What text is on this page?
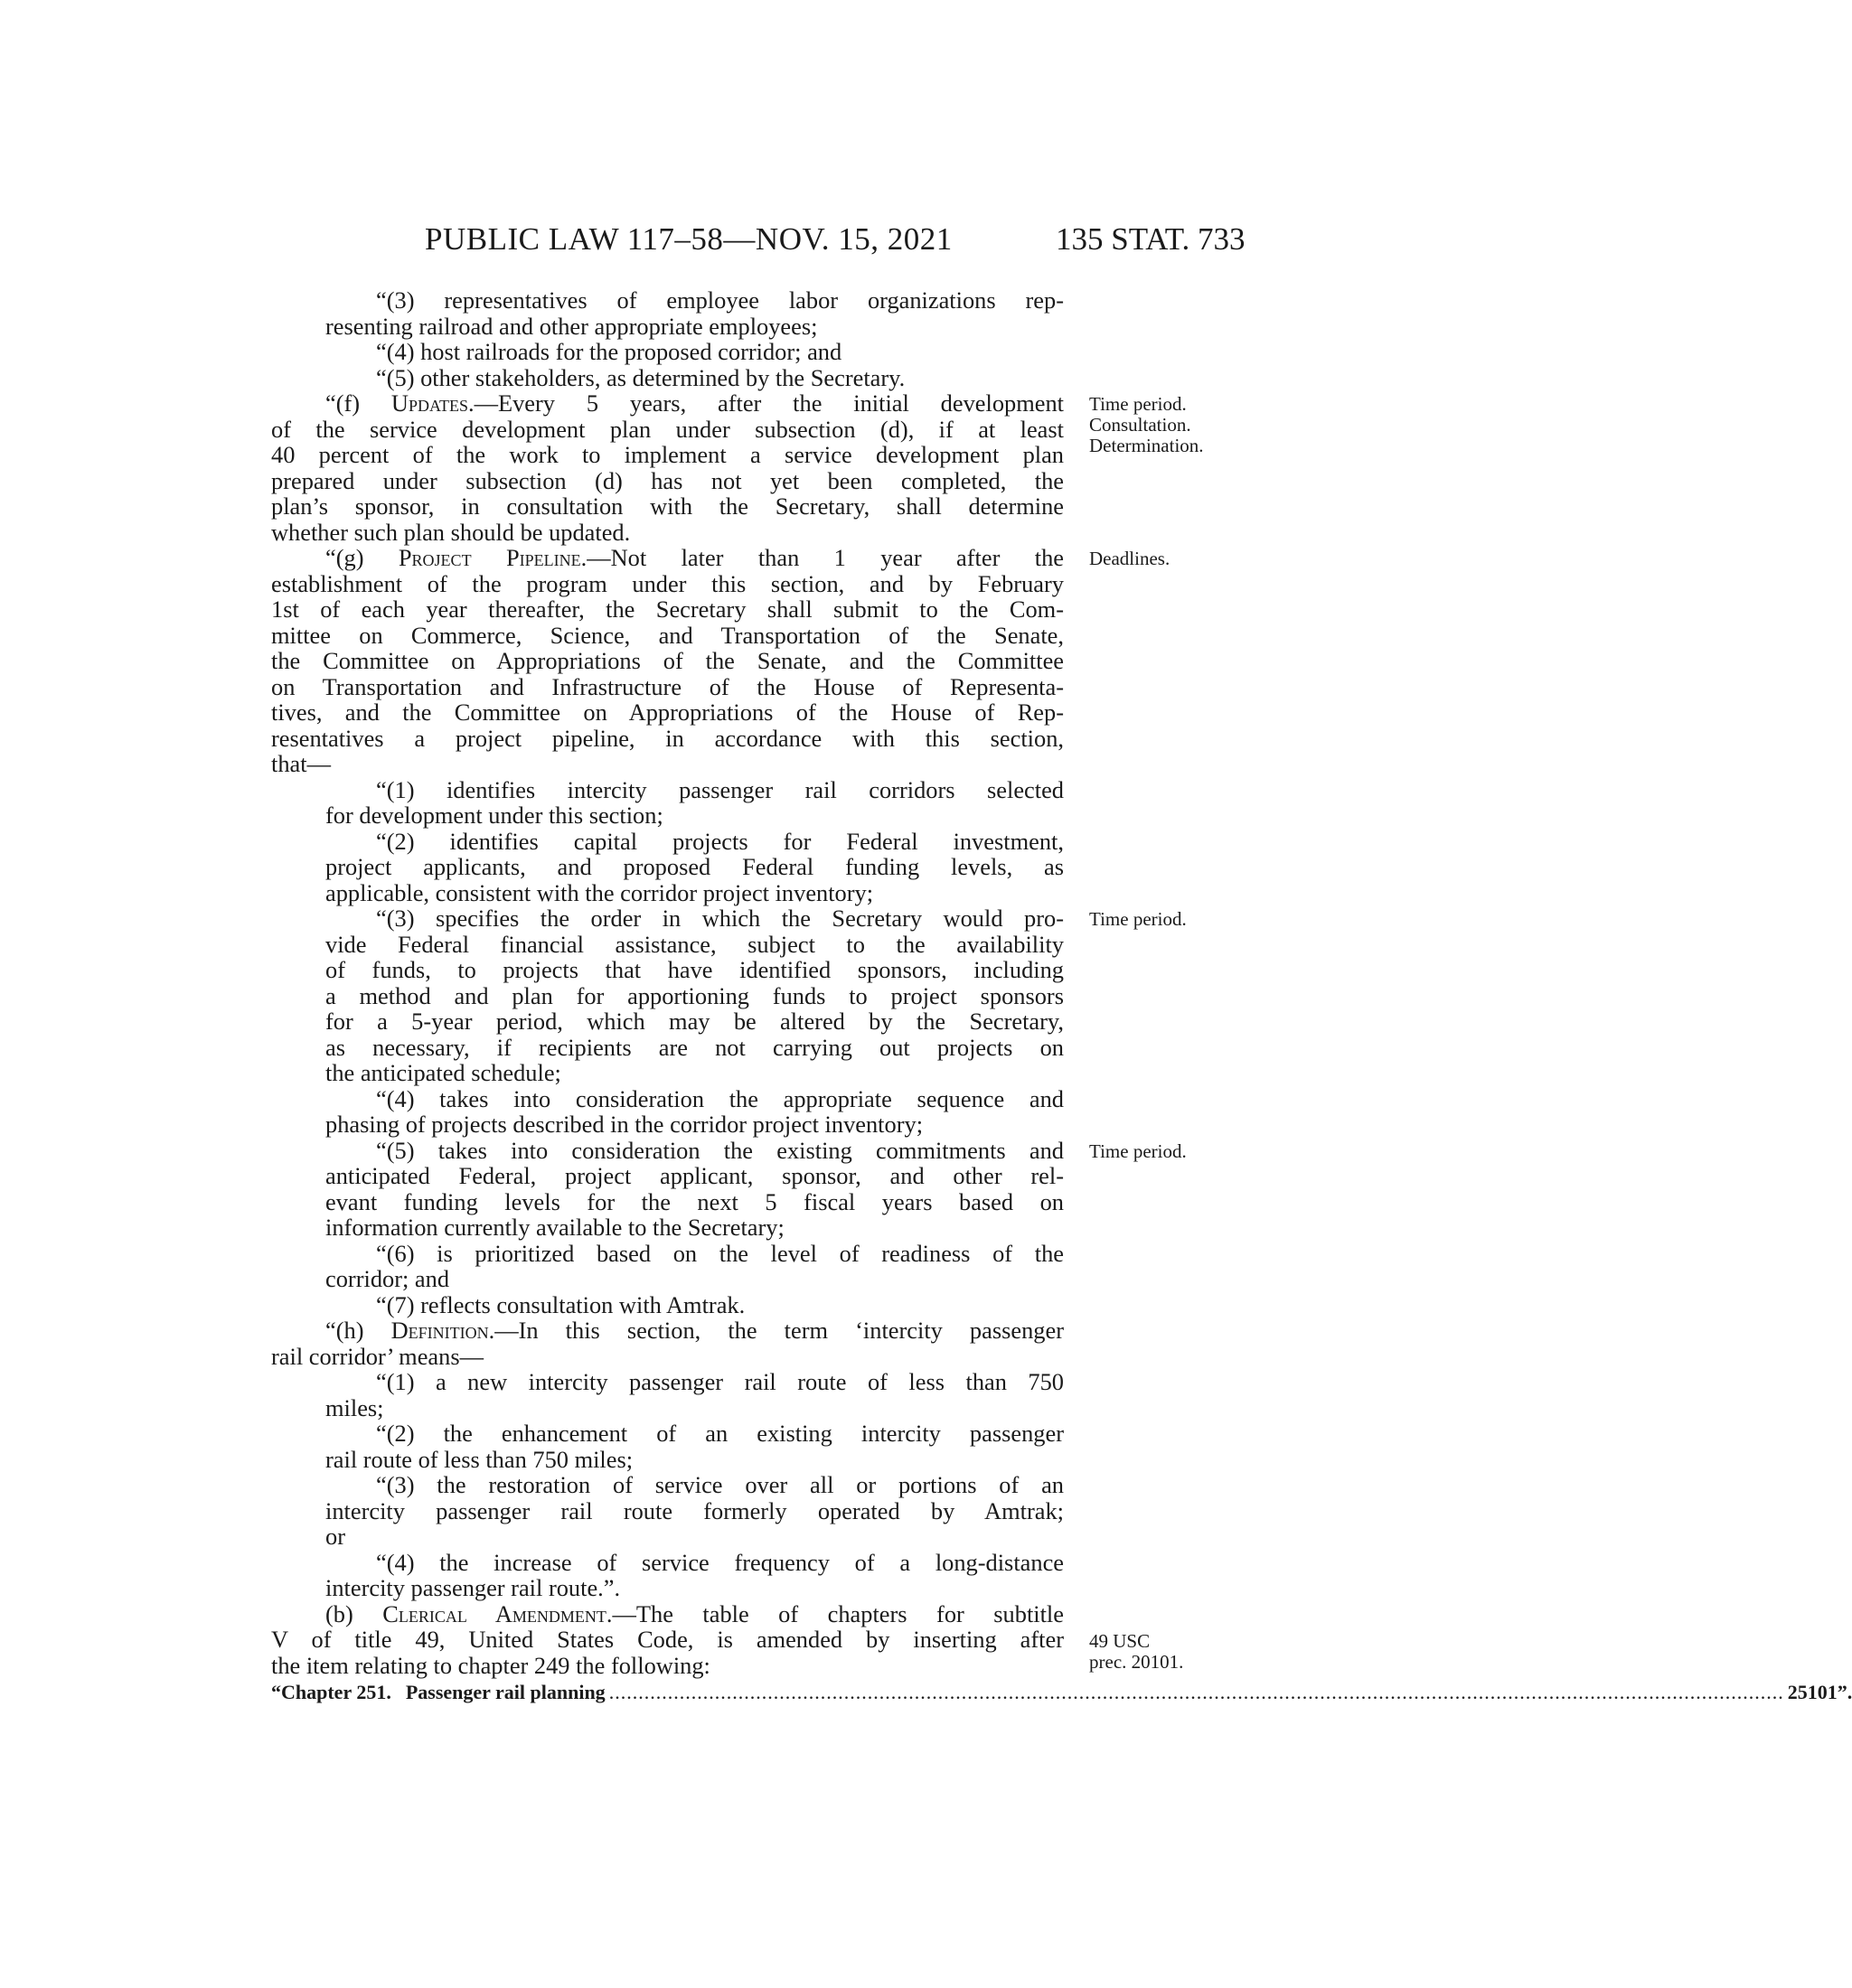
PUBLIC LAW 117–58—NOV. 15, 2021	135 STAT. 733

“(3) representatives of employee labor organizations rep-

resenting railroad and other appropriate employees;

“(4) host railroads for the proposed corridor; and

“(5) other stakeholders, as determined by the Secretary.

“(f) Updates.—Every 5 years, after the initial development

of the service development plan under subsection (d), if at least

40 percent of the work to implement a service development plan

prepared under subsection (d) has not yet been completed, the

plan’s sponsor, in consultation with the Secretary, shall determine

whether such plan should be updated.

“(g) Project Pipeline.—Not later than 1 year after the

establishment of the program under this section, and by February

1st of each year thereafter, the Secretary shall submit to the Com-

mittee on Commerce, Science, and Transportation of the Senate,

the Committee on Appropriations of the Senate, and the Committee

on Transportation and Infrastructure of the House of Representa-

tives, and the Committee on Appropriations of the House of Rep-

resentatives a project pipeline, in accordance with this section,

that—

“(1) identifies intercity passenger rail corridors selected

for development under this section;

“(2) identifies capital projects for Federal investment,

project applicants, and proposed Federal funding levels, as

applicable, consistent with the corridor project inventory;

“(3) specifies the order in which the Secretary would pro-

vide Federal financial assistance, subject to the availability

of funds, to projects that have identified sponsors, including

a method and plan for apportioning funds to project sponsors

for a 5-year period, which may be altered by the Secretary,

as necessary, if recipients are not carrying out projects on

the anticipated schedule;

“(4) takes into consideration the appropriate sequence and

phasing of projects described in the corridor project inventory;

“(5) takes into consideration the existing commitments and

anticipated Federal, project applicant, sponsor, and other rel-

evant funding levels for the next 5 fiscal years based on

information currently available to the Secretary;

“(6) is prioritized based on the level of readiness of the

corridor; and

“(7) reflects consultation with Amtrak.

“(h) Definition.—In this section, the term ‘intercity passenger

rail corridor’ means—

“(1) a new intercity passenger rail route of less than 750

miles;

“(2) the enhancement of an existing intercity passenger

rail route of less than 750 miles;

“(3) the restoration of service over all or portions of an

intercity passenger rail route formerly operated by Amtrak;

or

“(4) the increase of service frequency of a long-distance

intercity passenger rail route.”.

(b) Clerical Amendment.—The table of chapters for subtitle

V of title 49, United States Code, is amended by inserting after

the item relating to chapter 249 the following:

“Chapter 251. Passenger rail planning ........................................................................................................................................................................................................ 25101”.
Time period.
Consultation.
Determination.
Deadlines.
Time period.
Time period.
49 USC
prec. 20101.
